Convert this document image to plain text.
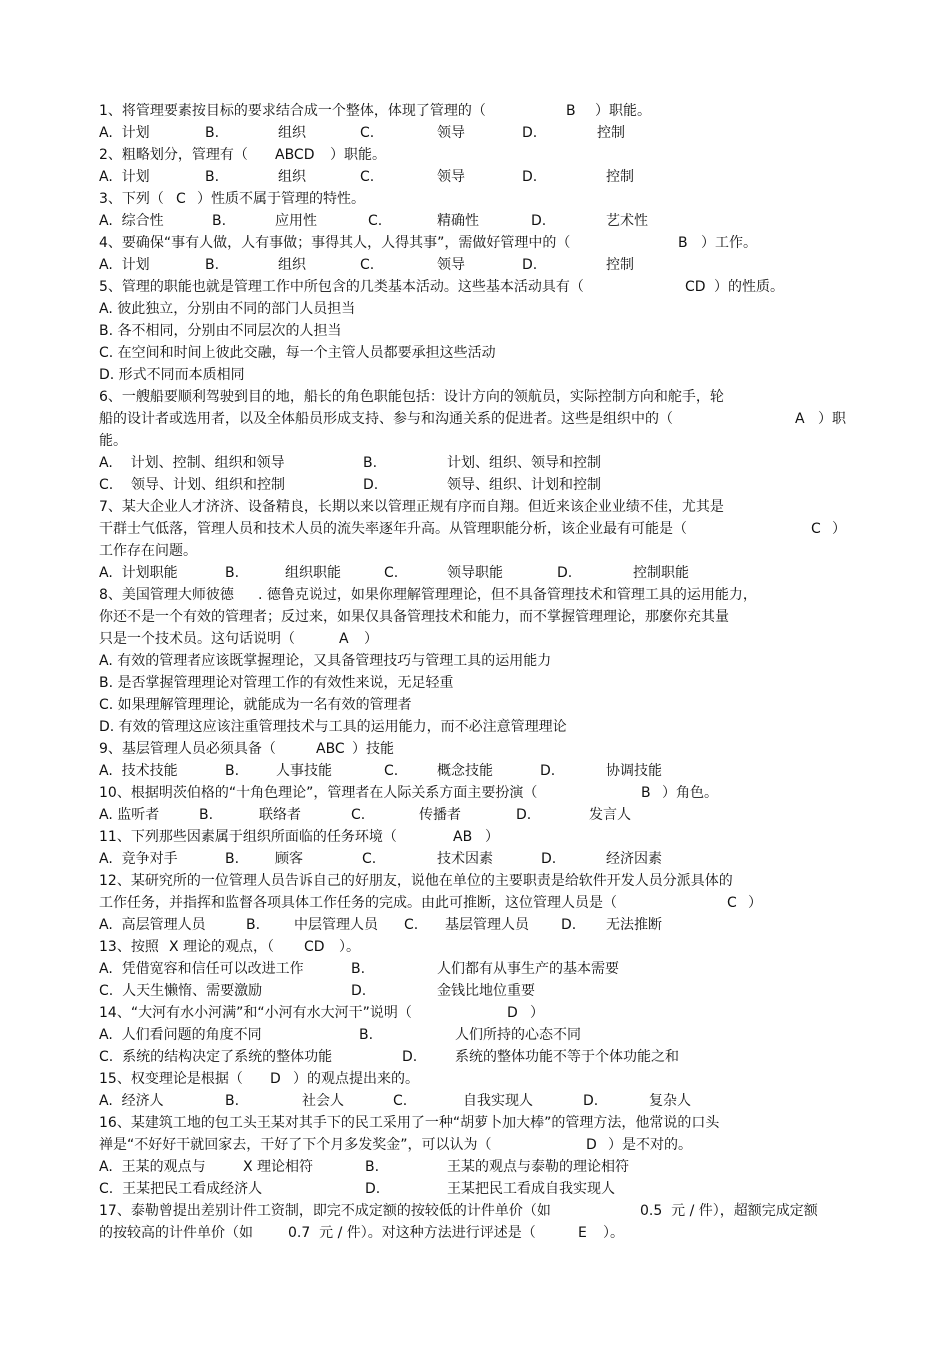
1、将管理要素按目标的要求结合成一个整体，体现了管理的（	B ）职能。
A.  计划	B.	组织	C.	领导	D.	控制
2、粗略划分，管理有（ ABCD ）职能。
A.  计划	B.	组织	C.	领导	D.	控制
3、下列（ C ）性质不属于管理的特性。
A.  综合性	B.	应用性	C.	精确性	D.	艺术性
4、要确保“事有人做，人有事做；事得其人，人得其事”，需做好管理中的（	B ）工作。
A.  计划	B.	组织	C.	领导	D.	控制
5、管理的职能也就是管理工作中所包含的几类基本活动。这些基本活动具有（	CD ）的性质。
A. 彼此独立，分别由不同的部门人员担当
B. 各不相同，分别由不同层次的人担当
C. 在空间和时间上彼此交融，每一个主管人员都要承担这些活动
D. 形式不同而本质相同
6、一艘船要顺利驾驶到目的地，船长的角色职能包括：设计方向的领航员，实际控制方向和舵手，轮
船的设计者或选用者，以及全体船员形成支持、参与和沟通关系的促进者。这些是组织中的（	A ）职
能。
A.    计划、控制、组织和领导	B.	计划、组织、领导和控制
C.    领导、计划、组织和控制	D.	领导、组织、计划和控制
7、某大企业人才济济、设备精良，长期以来以管理正规有序而自翔。但近来该企业业绩不佳，尤其是
干群士气低落，管理人员和技术人员的流失率逐年升高。从管理职能分析，该企业最有可能是（	C ）
工作存在问题。
A.  计划职能	B.	组织职能	C.	领导职能	D.	控制职能
8、美国管理大师彼德 . 德鲁克说过，如果你理解管理理论，但不具备管理技术和管理工具的运用能力，
你还不是一个有效的管理者；反过来，如果仅具备管理技术和能力，而不掌握管理理论，那麽你充其量
只是一个技术员。这句话说明（	A ）
A. 有效的管理者应该既掌握理论，又具备管理技巧与管理工具的运用能力
B. 是否掌握管理理论对管理工作的有效性来说，无足轻重
C. 如果理解管理理论，就能成为一名有效的管理者
D. 有效的管理这应该注重管理技术与工具的运用能力，而不必注意管理理论
9、基层管理人员必须具备（	ABC ）技能
A.  技术技能	B.	人事技能	C.	概念技能	D.	协调技能
10、根据明茨伯格的“十角色理论”，管理者在人际关系方面主要扮演（	B ）角色。
A. 监听者	B.	联络者	C.	传播者	D.	发言人
11、下列那些因素属于组织所面临的任务环境（	AB ）
A.  竞争对手	B.	顾客	C.	技术因素	D.	经济因素
12、某研究所的一位管理人员告诉自己的好朋友，说他在单位的主要职责是给软件开发人员分派具体的
工作任务，并指挥和监督各项具体工作任务的完成。由此可推断，这位管理人员是（	C ）
A.  高层管理人员	B. 中层管理人员 C. 基层管理人员 D. 无法推断
13、按照 X 理论的观点，（ CD ）。
A.  凭借宽容和信任可以改进工作	B.	人们都有从事生产的基本需要
C.  人天生懒惰、需要激励	D.	金钱比地位重要
14、“大河有水小河满”和“小河有水大河干”说明（	D ）
A.  人们看问题的角度不同	B.	人们所持的心态不同
C.  系统的结构决定了系统的整体功能	D.	系统的整体功能不等于个体功能之和
15、权变理论是根据（ D ）的观点提出来的。
A.  经济人	B.	社会人	C.	自我实现人	D.	复杂人
16、某建筑工地的包工头王某对其手下的民工采用了一种“胡萝卜加大棒”的管理方法，他常说的口头
禅是“不好好干就回家去，干好了下个月多发奖金”，可以认为（	D ）是不对的。
A.  王某的观点与	X 理论相符	B.	王某的观点与泰勒的理论相符
C.  王某把民工看成经济人	D.	王某把民工看成自我实现人
17、泰勒曾提出差别计件工资制，即完不成定额的按较低的计件单价（如	0.5  元 / 件），超额完成定额
的按较高的计件单价（如	0.7  元 / 件）。对这种方法进行评述是（	E ）。
